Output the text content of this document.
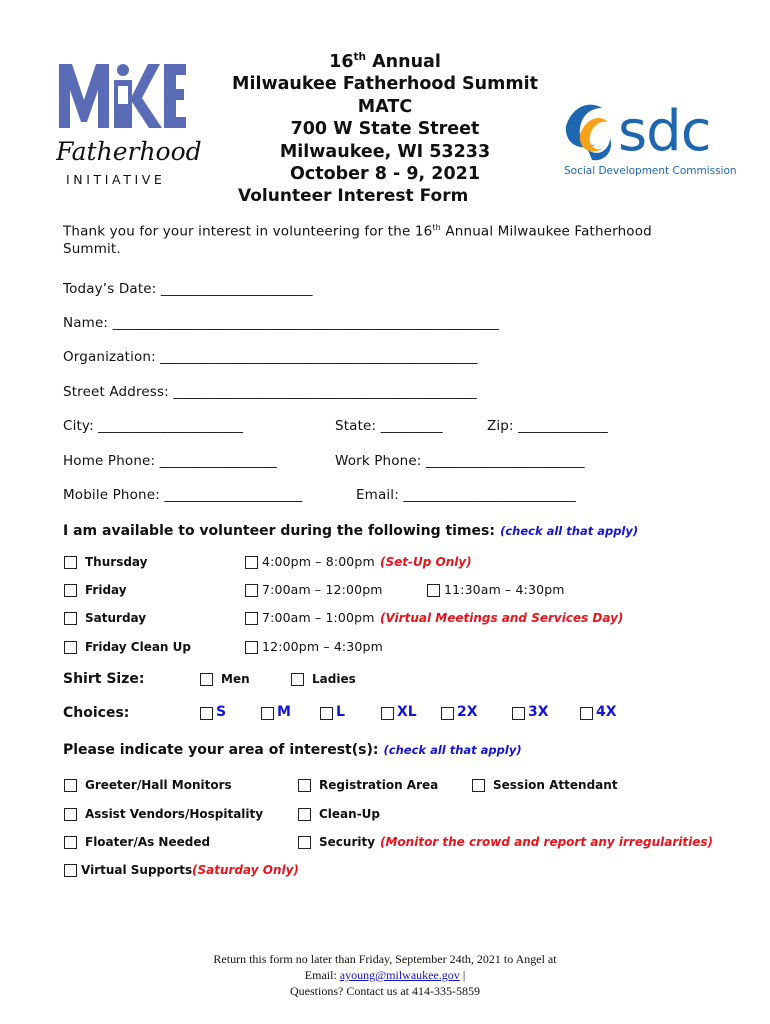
Fatherhood
INITIATIVE
sdc
Social Development Commission
16th Annual
Milwaukee Fatherhood Summit
MATC
700 W State Street
Milwaukee, WI 53233
October 8 - 9, 2021
Volunteer Interest Form
Thank you for your interest in volunteering for the 16th Annual Milwaukee Fatherhood
Summit.
Today’s Date: ______________________
Name: ________________________________________________________
Organization: ______________________________________________
Street Address: ____________________________________________
City: _____________________	State: _________	Zip: _____________
Home Phone: _________________	Work Phone: _______________________
Mobile Phone: ____________________	Email: _________________________
I am available to volunteer during the following times: (check all that apply)
Thursday	4:00pm – 8:00pm (Set-Up Only)
Friday	7:00am – 12:00pm	11:30am – 4:30pm
Saturday	7:00am – 1:00pm (Virtual Meetings and Services Day)
Friday Clean Up	12:00pm – 4:30pm
Shirt Size:	Men	Ladies
Choices:	S	M	L	XL	2X	3X	4X
Please indicate your area of interest(s): (check all that apply)
Greeter/Hall Monitors	Registration Area	Session Attendant
Assist Vendors/Hospitality	Clean-Up
Floater/As Needed	Security (Monitor the crowd and report any irregularities)
Virtual Supports (Saturday Only)
Return this form no later than Friday, September 24th, 2021 to Angel at
Email: ayoung@milwaukee.gov |
Questions? Contact us at 414-335-5859
